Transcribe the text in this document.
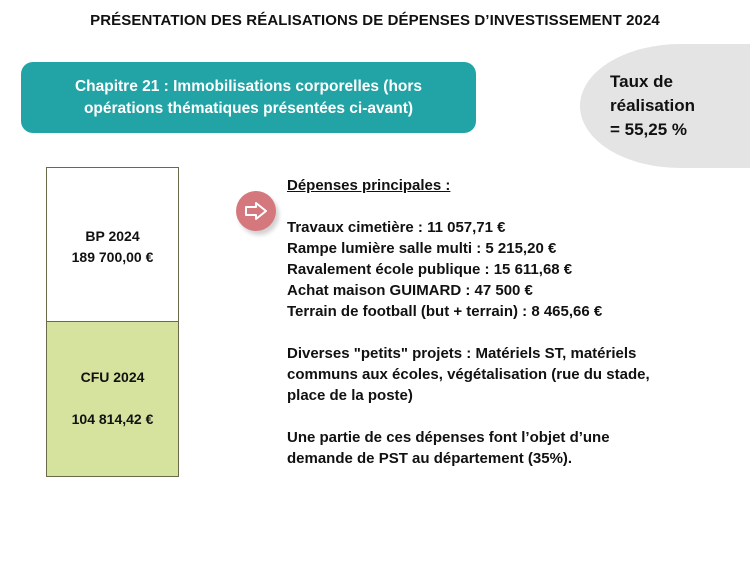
PRÉSENTATION DES RÉALISATIONS DE DÉPENSES D’INVESTISSEMENT 2024
Chapitre 21 : Immobilisations corporelles (hors
opérations thématiques présentées ci-avant)
Taux de
réalisation
= 55,25 %
BP 2024
189 700,00 €
CFU 2024
104 814,42 €
Dépenses principales :
Travaux cimetière : 11 057,71 €
Rampe lumière salle multi : 5 215,20 €
Ravalement école publique : 15 611,68 €
Achat maison GUIMARD : 47 500 €
Terrain de football (but + terrain) : 8 465,66 €
Diverses "petits" projets : Matériels ST, matériels
communs aux écoles, végétalisation (rue du stade,
place de la poste)
Une partie de ces dépenses font l’objet d’une
demande de PST au département (35%).
